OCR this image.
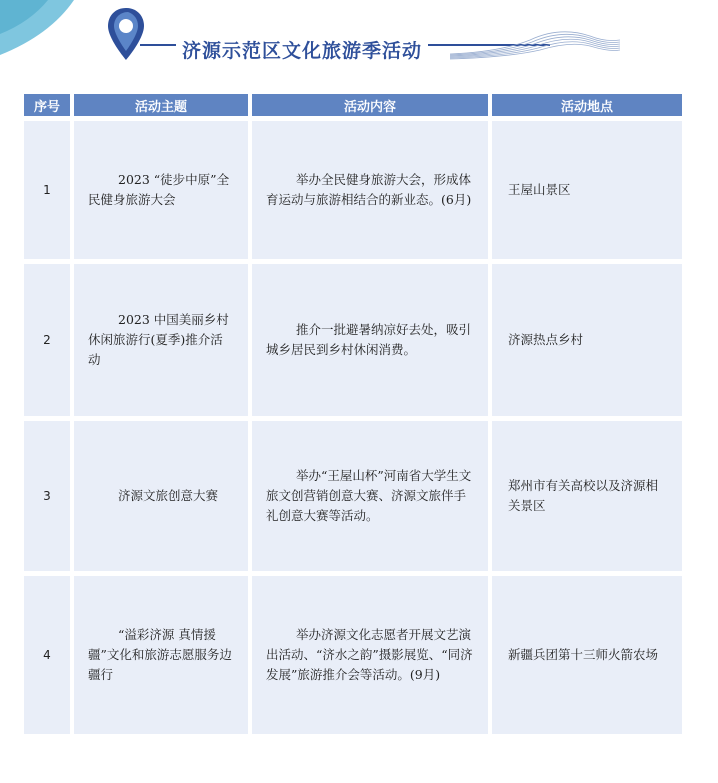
济源示范区文化旅游季活动
序号	活动主题	活动内容	活动地点
1	2023 “徒步中原”全民健身旅游大会	举办全民健身旅游大会，形成体育运动与旅游相结合的新业态。(6月)	王屋山景区
2	2023 中国美丽乡村休闲旅游行(夏季)推介活动	推介一批避暑纳凉好去处，吸引城乡居民到乡村休闲消费。	济源热点乡村
3	济源文旅创意大赛	举办“王屋山杯”河南省大学生文旅文创营销创意大赛、济源文旅伴手礼创意大赛等活动。	郑州市有关高校以及济源相关景区
4	“溢彩济源 真情援疆”文化和旅游志愿服务边疆行	举办济源文化志愿者开展文艺演出活动、“济水之韵”摄影展览、“同济发展”旅游推介会等活动。(9月)	新疆兵团第十三师火箭农场
